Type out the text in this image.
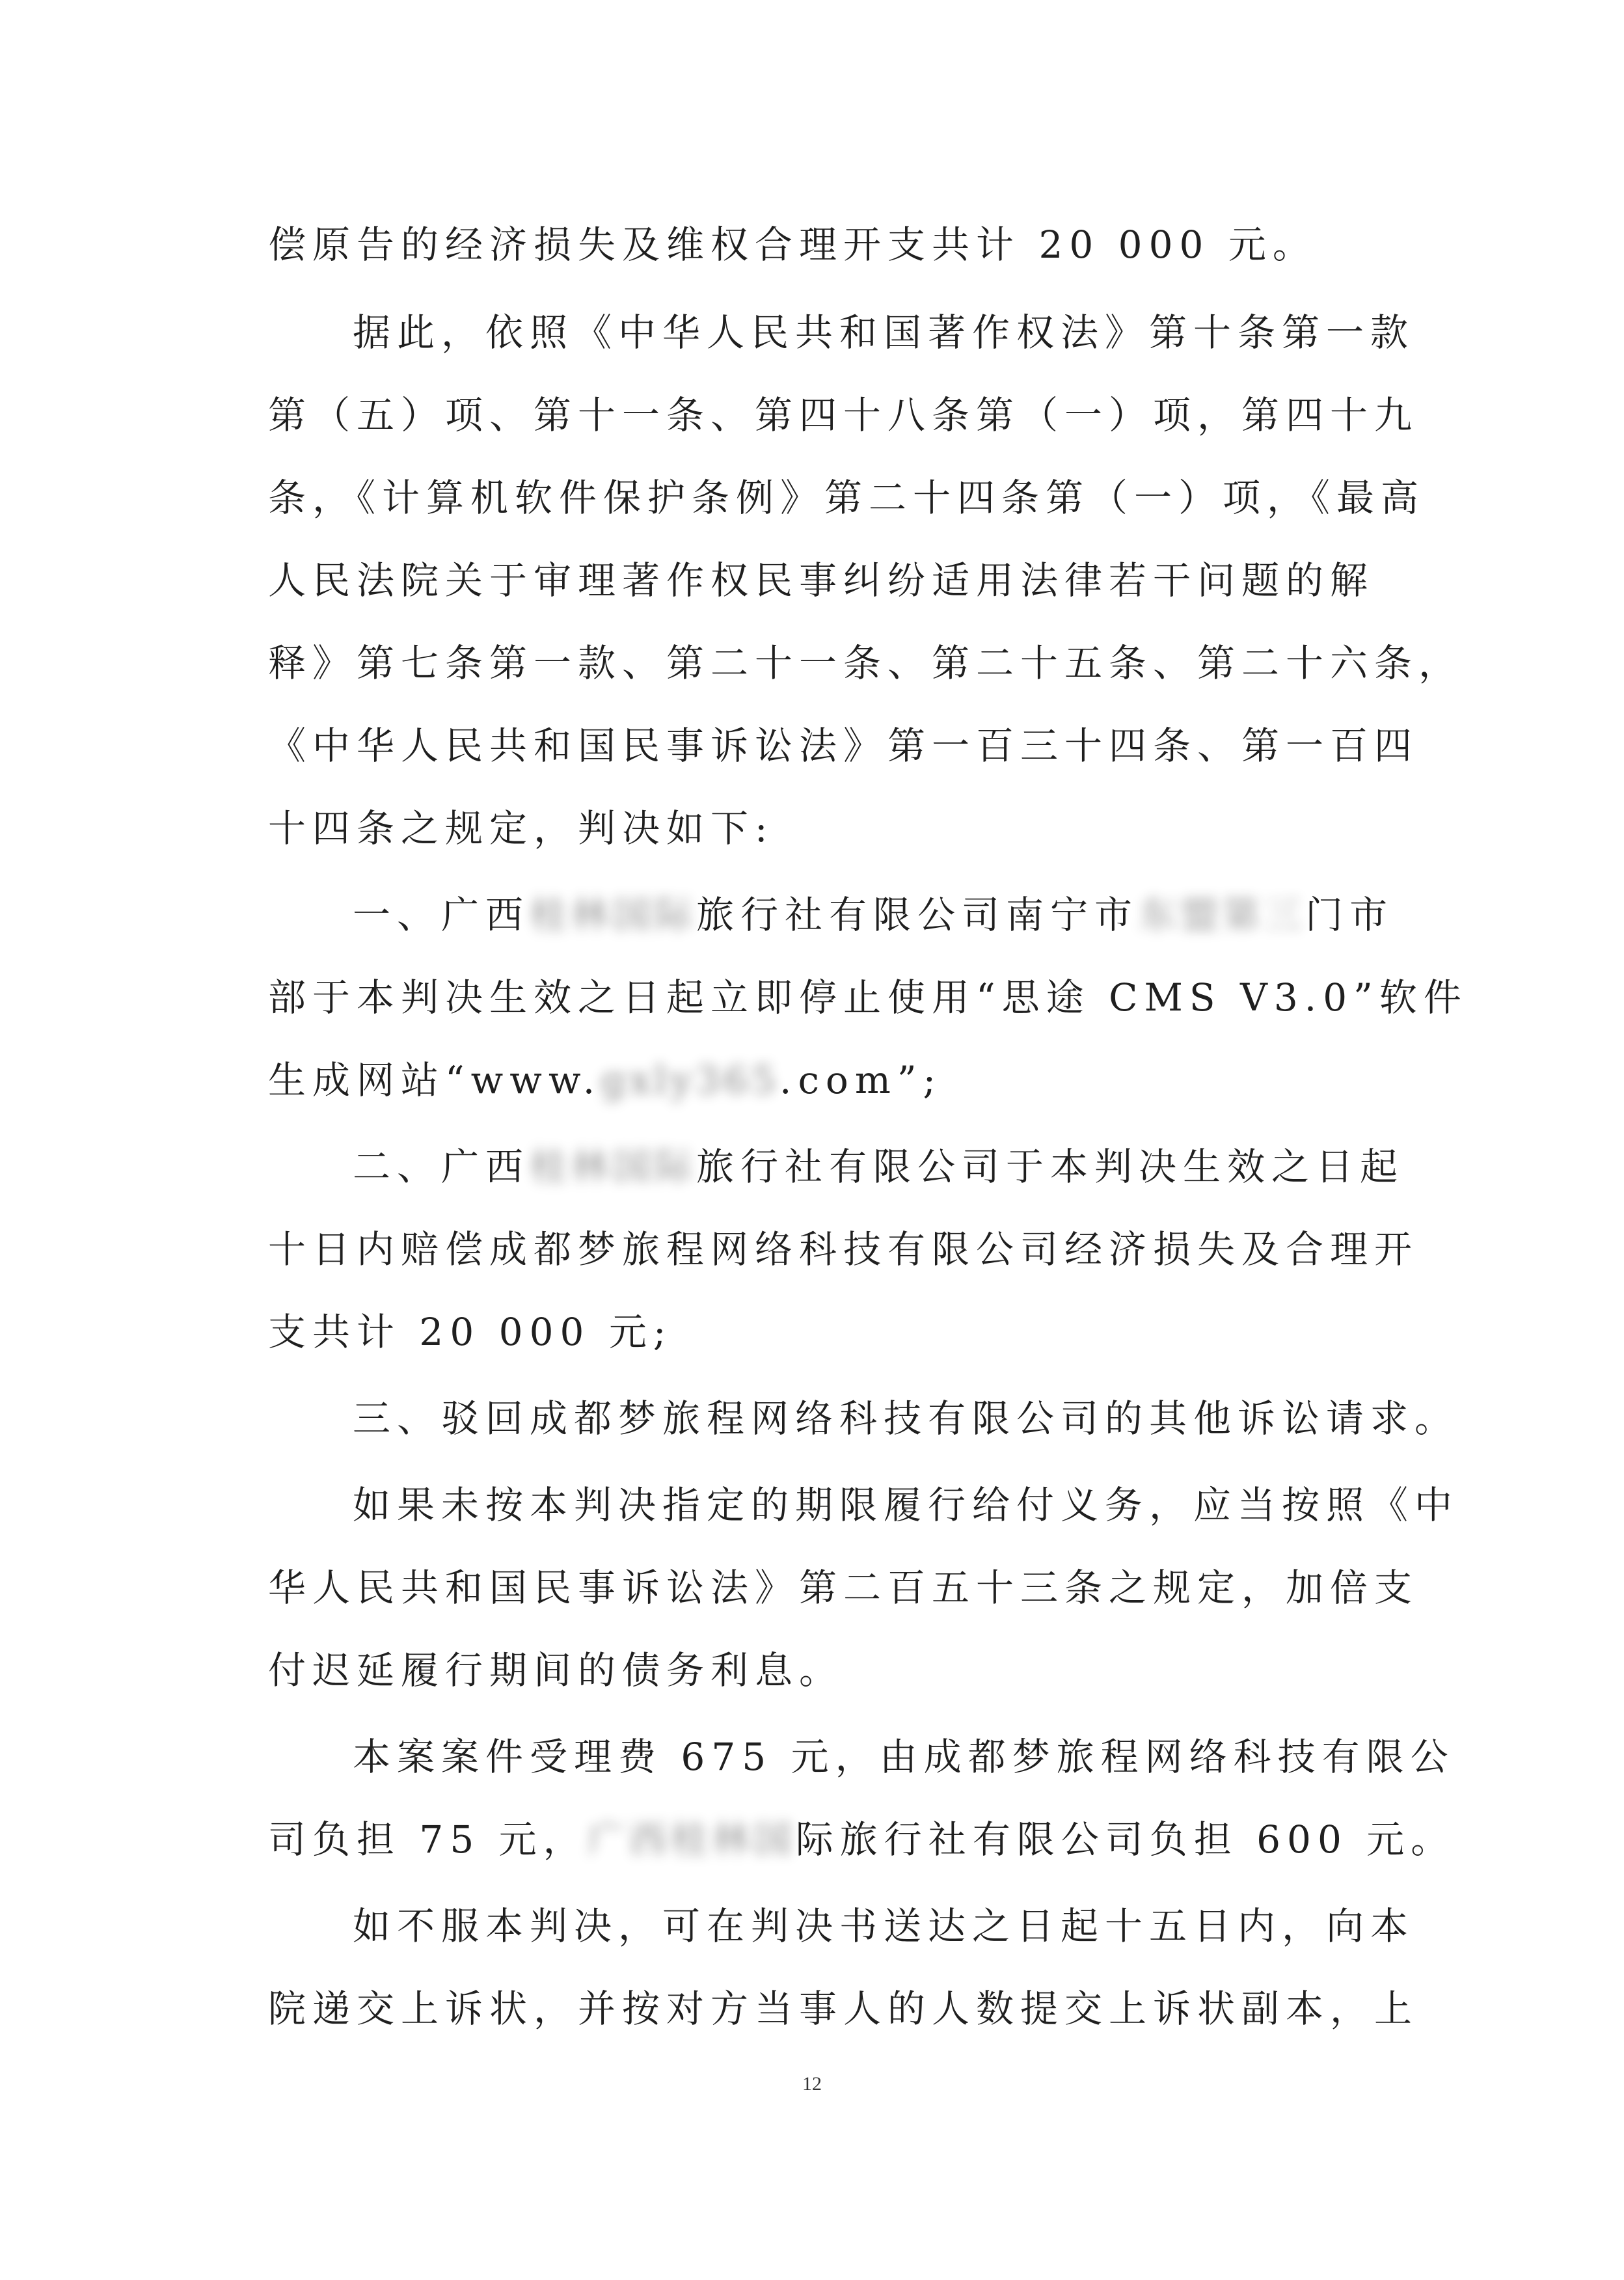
偿原告的经济损失及维权合理开支共计 20 000 元。
据此，依照《中华人民共和国著作权法》第十条第一款
第（五）项、第十一条、第四十八条第（一）项，第四十九
条，《计算机软件保护条例》第二十四条第（一）项，《最高
人民法院关于审理著作权民事纠纷适用法律若干问题的解
释》第七条第一款、第二十一条、第二十五条、第二十六条，
《中华人民共和国民事诉讼法》第一百三十四条、第一百四
十四条之规定，判决如下:
一、广西桂林国际旅行社有限公司南宁市东盟第三门市
部于本判决生效之日起立即停止使用“思途 CMS V3.0”软件
生成网站“www.gxly365.com”;
二、广西桂林国际旅行社有限公司于本判决生效之日起
十日内赔偿成都梦旅程网络科技有限公司经济损失及合理开
支共计 20 000 元;
三、驳回成都梦旅程网络科技有限公司的其他诉讼请求。
如果未按本判决指定的期限履行给付义务，应当按照《中
华人民共和国民事诉讼法》第二百五十三条之规定，加倍支
付迟延履行期间的债务利息。
本案案件受理费 675 元，由成都梦旅程网络科技有限公
司负担 75 元，广西桂林国际旅行社有限公司负担 600 元。
如不服本判决，可在判决书送达之日起十五日内，向本
院递交上诉状，并按对方当事人的人数提交上诉状副本，上
12
